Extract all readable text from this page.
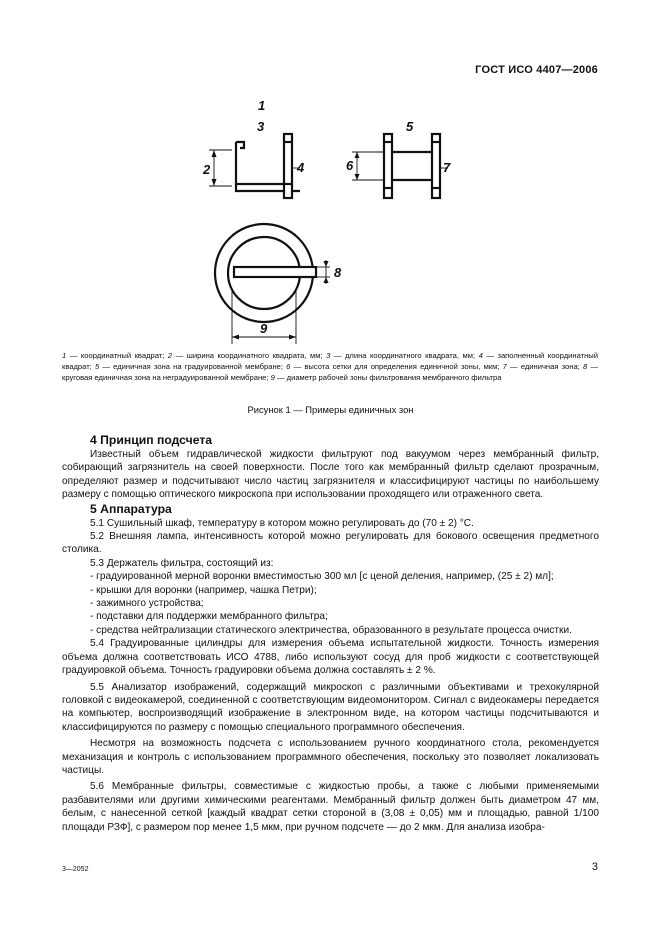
ГОСТ ИСО 4407—2006
1
3
2	4
5
6	7
8
9
1 — координатный квадрат; 2 — ширина координатного квадрата, мм; 3 — длина координатного квадрата, мм; 4 — заполненный координатный квадрат; 5 — единичная зона на градуированной мембране; 6 — высота сетки для определения единичной зоны, мкм; 7 — единичная зона; 8 — круговая единичная зона на неградуированной мембране; 9 — диаметр рабочей зоны фильтрования мембранного фильтра
Рисунок 1 — Примеры единичных зон
4 Принцип подсчета

Известный объем гидравлической жидкости фильтруют под вакуумом через мембранный фильтр, собирающий загрязнитель на своей поверхности. После того как мембранный фильтр сделают прозрачным, определяют размер и подсчитывают число частиц загрязнителя и классифицируют частицы по наибольшему размеру с помощью оптического микроскопа при использовании проходящего или отраженного света.

5 Аппаратура

5.1 Сушильный шкаф, температуру в котором можно регулировать до (70 ± 2) °С.

5.2 Внешняя лампа, интенсивность которой можно регулировать для бокового освещения предметного столика.

5.3 Держатель фильтра, состоящий из:

- градуированной мерной воронки вместимостью 300 мл [с ценой деления, например, (25 ± 2) мл];

- крышки для воронки (например, чашка Петри);

- зажимного устройства;

- подставки для поддержки мембранного фильтра;

- средства нейтрализации статического электричества, образованного в результате процесса очистки.

5.4 Градуированные цилиндры для измерения объема испытательной жидкости. Точность измерения объема должна соответствовать ИСО 4788, либо используют сосуд для проб жидкости с соответствующей градуировкой объема. Точность градуировки объема должна составлять ± 2 %.

5.5 Анализатор изображений, содержащий микроскоп с различными объективами и трехокулярной головкой с видеокамерой, соединенной с соответствующим видеомонитором. Сигнал с видеокамеры передается на компьютер, воспроизводящий изображение в электронном виде, на котором частицы подсчитываются и классифицируются по размеру с помощью специального программного обеспечения.

Несмотря на возможность подсчета с использованием ручного координатного стола, рекомендуется механизация и контроль с использованием программного обеспечения, поскольку это позволяет локализовать частицы.

5.6 Мембранные фильтры, совместимые с жидкостью пробы, а также с любыми применяемыми разбавителями или другими химическими реагентами. Мембранный фильтр должен быть диаметром 47 мм, белым, с нанесенной сеткой [каждый квадрат сетки стороной в (3,08 ± 0,05) мм и площадью, равной 1/100 площади РЗФ], с размером пор менее 1,5 мкм, при ручном подсчете — до 2 мкм. Для анализа изобра-

3—2052	3
